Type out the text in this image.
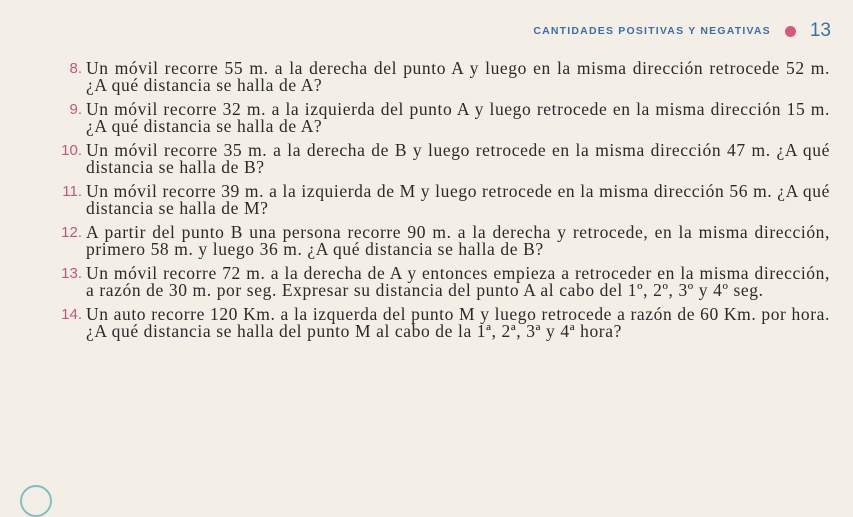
CANTIDADES POSITIVAS Y NEGATIVAS 13
8. Un móvil recorre 55 m. a la derecha del punto A y luego en la misma dirección retrocede 52 m. ¿A qué distancia se halla de A?
9. Un móvil recorre 32 m. a la izquierda del punto A y luego retrocede en la misma dirección 15 m. ¿A qué distancia se halla de A?
10. Un móvil recorre 35 m. a la derecha de B y luego retrocede en la misma dirección 47 m. ¿A qué distancia se halla de B?
11. Un móvil recorre 39 m. a la izquierda de M y luego retrocede en la misma dirección 56 m. ¿A qué distancia se halla de M?
12. A partir del punto B una persona recorre 90 m. a la derecha y retrocede, en la misma dirección, primero 58 m. y luego 36 m. ¿A qué distancia se halla de B?
13. Un móvil recorre 72 m. a la derecha de A y entonces empieza a retroceder en la misma dirección, a razón de 30 m. por seg. Expresar su distancia del punto A al cabo del 1º, 2º, 3º y 4º seg.
14. Un auto recorre 120 Km. a la izquerda del punto M y luego retrocede a razón de 60 Km. por hora. ¿A qué distancia se halla del punto M al cabo de la 1ª, 2ª, 3ª y 4ª hora?
